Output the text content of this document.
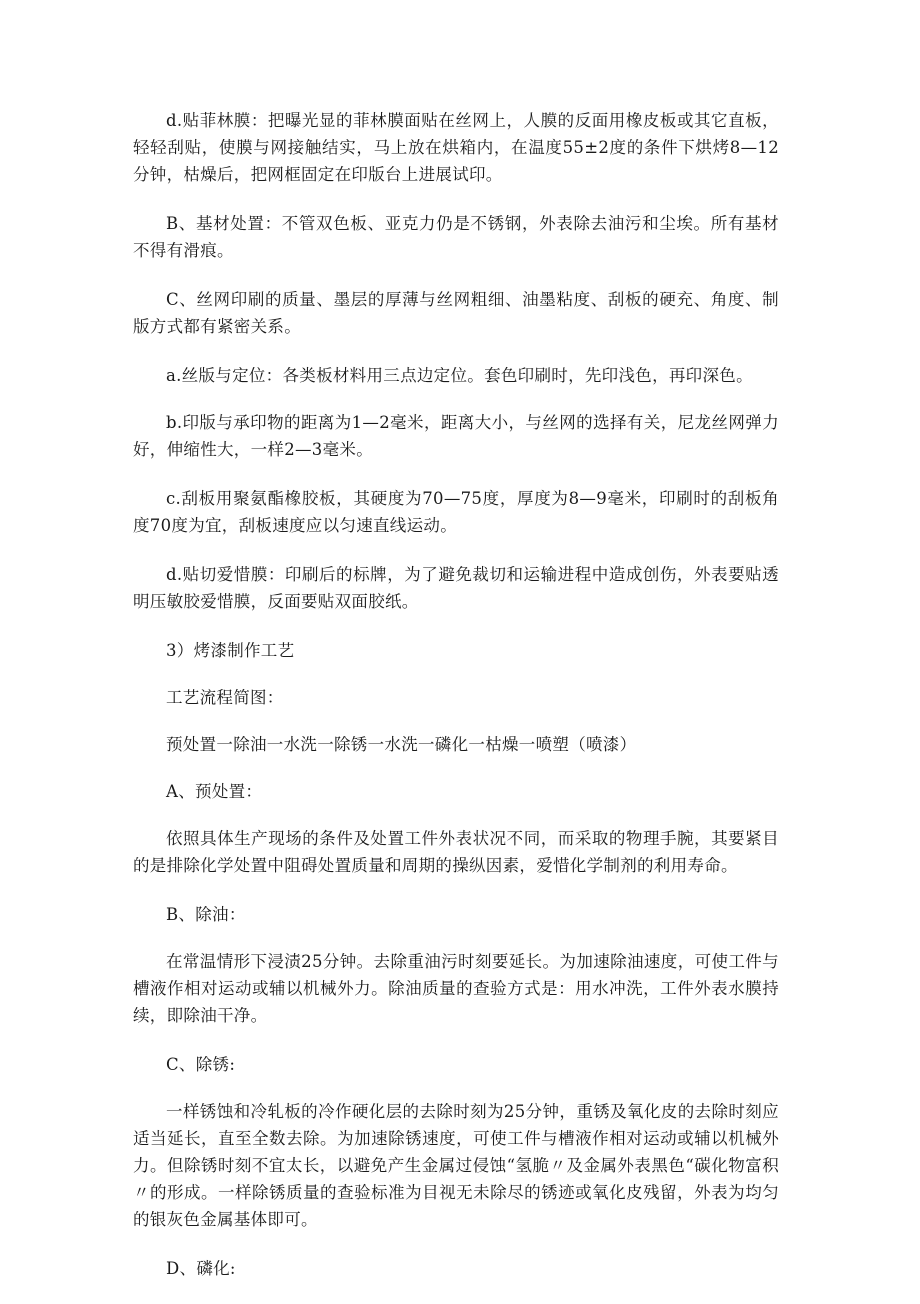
d.贴菲林膜：把曝光显的菲林膜面贴在丝网上，人膜的反面用橡皮板或其它直板，轻轻刮贴，使膜与网接触结实，马上放在烘箱内，在温度55±2度的条件下烘烤8—12分钟，枯燥后，把网框固定在印版台上进展试印。

B、基材处置：不管双色板、亚克力仍是不锈钢，外表除去油污和尘埃。所有基材不得有滑痕。

C、丝网印刷的质量、墨层的厚薄与丝网粗细、油墨粘度、刮板的硬充、角度、制版方式都有紧密关系。

a.丝版与定位：各类板材料用三点边定位。套色印刷时，先印浅色，再印深色。

b.印版与承印物的距离为1—2毫米，距离大小，与丝网的选择有关，尼龙丝网弹力好，伸缩性大，一样2—3毫米。

c.刮板用聚氨酯橡胶板，其硬度为70—75度，厚度为8—9毫米，印刷时的刮板角度70度为宜，刮板速度应以匀速直线运动。

d.贴切爱惜膜：印刷后的标牌，为了避免裁切和运输进程中造成创伤，外表要贴透明压敏胶爱惜膜，反面要贴双面胶纸。

3）烤漆制作工艺

工艺流程简图：

预处置一除油一水洗一除锈一水洗一磷化一枯燥一喷塑（喷漆）

A、预处置：

依照具体生产现场的条件及处置工件外表状况不同，而采取的物理手腕，其要紧目的是排除化学处置中阻碍处置质量和周期的操纵因素，爱惜化学制剂的利用寿命。

B、除油：

在常温情形下浸渍25分钟。去除重油污时刻要延长。为加速除油速度，可使工件与槽液作相对运动或辅以机械外力。除油质量的查验方式是：用水冲洗，工件外表水膜持续，即除油干净。

C、除锈:

一样锈蚀和冷轧板的冷作硬化层的去除时刻为25分钟，重锈及氧化皮的去除时刻应适当延长，直至全数去除。为加速除锈速度，可使工件与槽液作相对运动或辅以机械外力。但除锈时刻不宜太长，以避免产生金属过侵蚀“氢脆〃及金属外表黑色“碳化物富积〃的形成。一样除锈质量的查验标准为目视无未除尽的锈迹或氧化皮残留，外表为均匀的银灰色金属基体即可。

D、磷化:
